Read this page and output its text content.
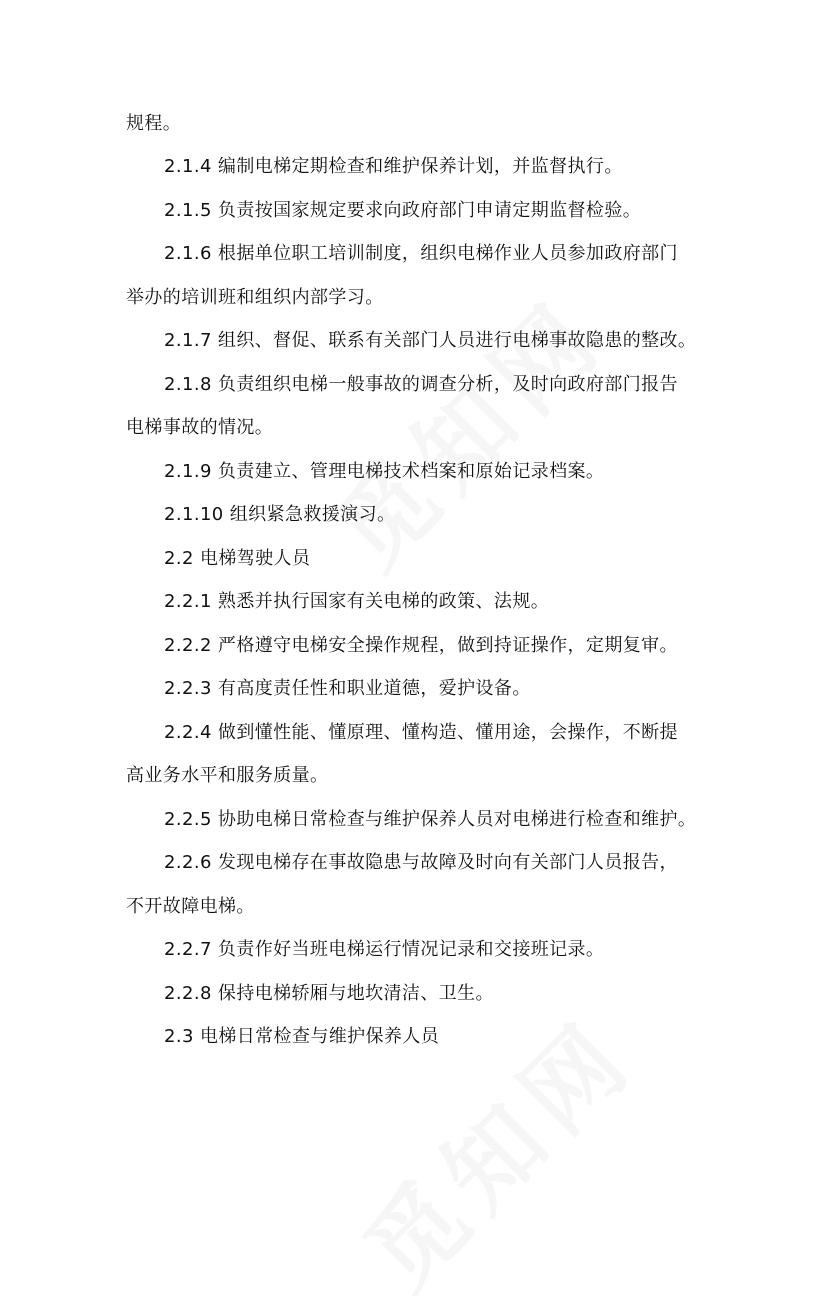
规程。
2.1.4 编制电梯定期检查和维护保养计划，并监督执行。
2.1.5 负责按国家规定要求向政府部门申请定期监督检验。
2.1.6 根据单位职工培训制度，组织电梯作业人员参加政府部门
举办的培训班和组织内部学习。
2.1.7 组织、督促、联系有关部门人员进行电梯事故隐患的整改。
2.1.8 负责组织电梯一般事故的调查分析，及时向政府部门报告
电梯事故的情况。
2.1.9 负责建立、管理电梯技术档案和原始记录档案。
2.1.10 组织紧急救援演习。
2.2 电梯驾驶人员
2.2.1 熟悉并执行国家有关电梯的政策、法规。
2.2.2 严格遵守电梯安全操作规程，做到持证操作，定期复审。
2.2.3 有高度责任性和职业道德，爱护设备。
2.2.4 做到懂性能、懂原理、懂构造、懂用途，会操作，不断提
高业务水平和服务质量。
2.2.5 协助电梯日常检查与维护保养人员对电梯进行检查和维护。
2.2.6 发现电梯存在事故隐患与故障及时向有关部门人员报告，
不开故障电梯。
2.2.7 负责作好当班电梯运行情况记录和交接班记录。
2.2.8 保持电梯轿厢与地坎清洁、卫生。
2.3 电梯日常检查与维护保养人员
